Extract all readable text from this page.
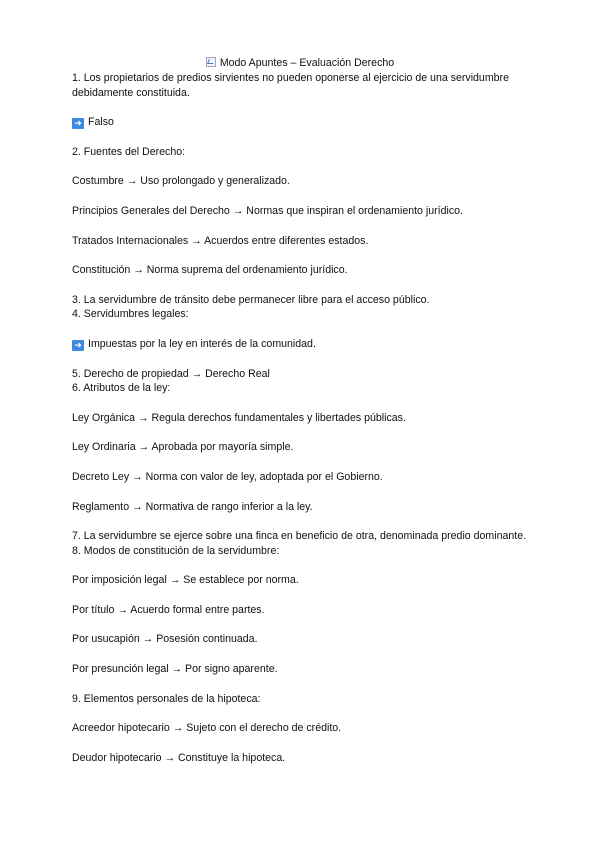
Modo Apuntes – Evaluación Derecho

1. Los propietarios de predios sirvientes no pueden oponerse al ejercicio de una servidumbre debidamente constituida.

➜ Falso

2. Fuentes del Derecho:

Costumbre → Uso prolongado y generalizado.

Principios Generales del Derecho → Normas que inspiran el ordenamiento jurídico.

Tratados Internacionales → Acuerdos entre diferentes estados.

Constitución → Norma suprema del ordenamiento jurídico.

3. La servidumbre de tránsito debe permanecer libre para el acceso público.

4. Servidumbres legales:

➜ Impuestas por la ley en interés de la comunidad.

5. Derecho de propiedad → Derecho Real

6. Atributos de la ley:

Ley Orgánica → Regula derechos fundamentales y libertades públicas.

Ley Ordinaria → Aprobada por mayoría simple.

Decreto Ley → Norma con valor de ley, adoptada por el Gobierno.

Reglamento → Normativa de rango inferior a la ley.

7. La servidumbre se ejerce sobre una finca en beneficio de otra, denominada predio dominante.

8. Modos de constitución de la servidumbre:

Por imposición legal → Se establece por norma.

Por título → Acuerdo formal entre partes.

Por usucapión → Posesión continuada.

Por presunción legal → Por signo aparente.

9. Elementos personales de la hipoteca:

Acreedor hipotecario → Sujeto con el derecho de crédito.

Deudor hipotecario → Constituye la hipoteca.
